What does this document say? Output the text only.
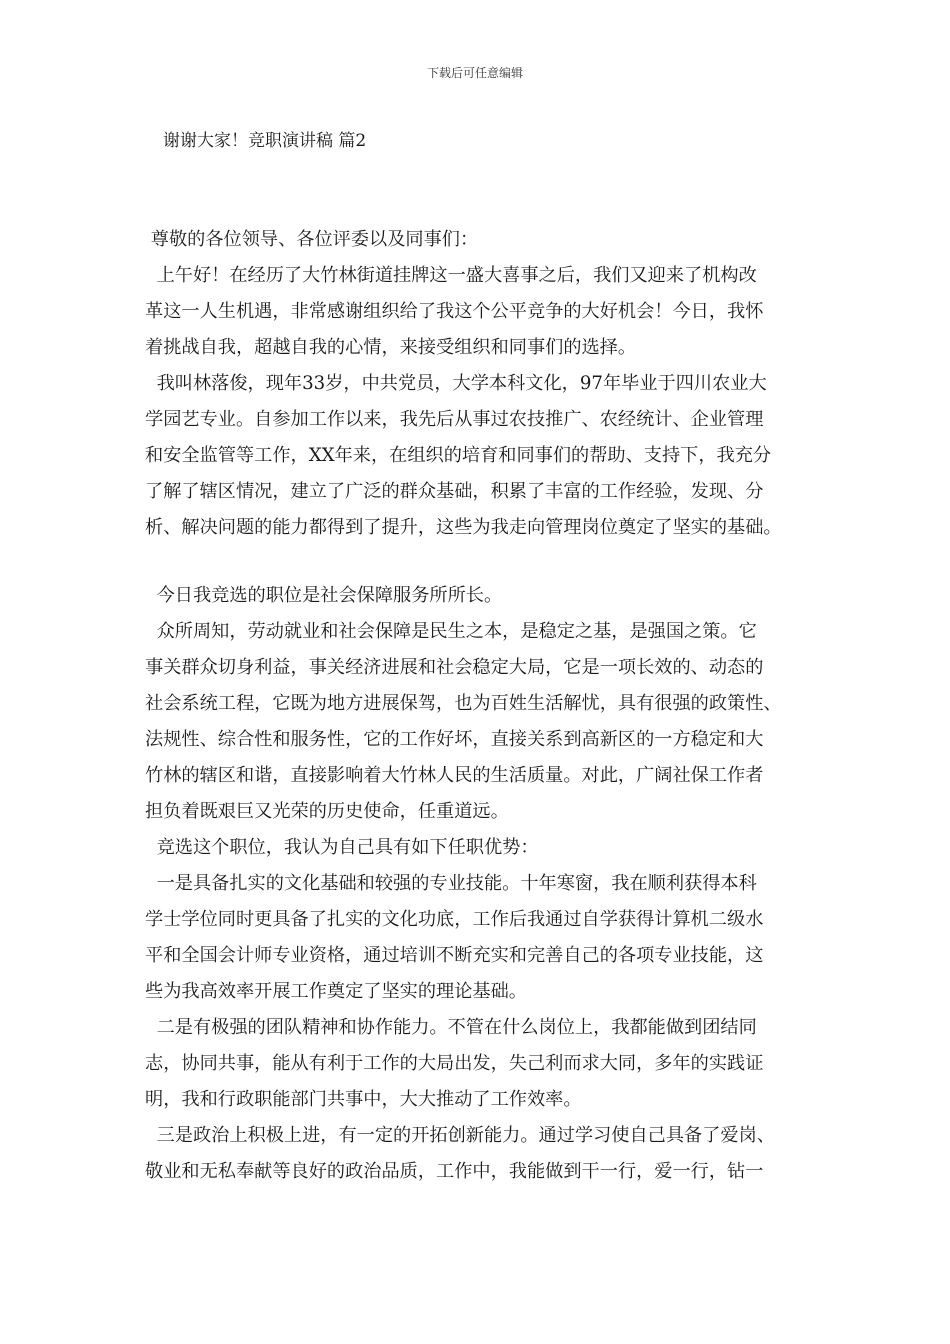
下载后可任意编辑
谢谢大家！竞职演讲稿 篇2
尊敬的各位领导、各位评委以及同事们：
上午好！在经历了大竹林街道挂牌这一盛大喜事之后，我们又迎来了机构改
革这一人生机遇，非常感谢组织给了我这个公平竞争的大好机会！今日，我怀
着挑战自我，超越自我的心情，来接受组织和同事们的选择。
我叫林落俊，现年33岁，中共党员，大学本科文化，97年毕业于四川农业大
学园艺专业。自参加工作以来，我先后从事过农技推广、农经统计、企业管理
和安全监管等工作，XX年来，在组织的培育和同事们的帮助、支持下，我充分
了解了辖区情况，建立了广泛的群众基础，积累了丰富的工作经验，发现、分
析、解决问题的能力都得到了提升，这些为我走向管理岗位奠定了坚实的基础。
今日我竞选的职位是社会保障服务所所长。
众所周知，劳动就业和社会保障是民生之本，是稳定之基，是强国之策。它
事关群众切身利益，事关经济进展和社会稳定大局，它是一项长效的、动态的
社会系统工程，它既为地方进展保驾，也为百姓生活解忧，具有很强的政策性、
法规性、综合性和服务性，它的工作好坏，直接关系到高新区的一方稳定和大
竹林的辖区和谐，直接影响着大竹林人民的生活质量。对此，广阔社保工作者
担负着既艰巨又光荣的历史使命，任重道远。
竞选这个职位，我认为自己具有如下任职优势：
一是具备扎实的文化基础和较强的专业技能。十年寒窗，我在顺利获得本科
学士学位同时更具备了扎实的文化功底，工作后我通过自学获得计算机二级水
平和全国会计师专业资格，通过培训不断充实和完善自己的各项专业技能，这
些为我高效率开展工作奠定了坚实的理论基础。
二是有极强的团队精神和协作能力。不管在什么岗位上，我都能做到团结同
志，协同共事，能从有利于工作的大局出发，失己利而求大同，多年的实践证
明，我和行政职能部门共事中，大大推动了工作效率。
三是政治上积极上进，有一定的开拓创新能力。通过学习使自己具备了爱岗、
敬业和无私奉献等良好的政治品质，工作中，我能做到干一行，爱一行，钻一
